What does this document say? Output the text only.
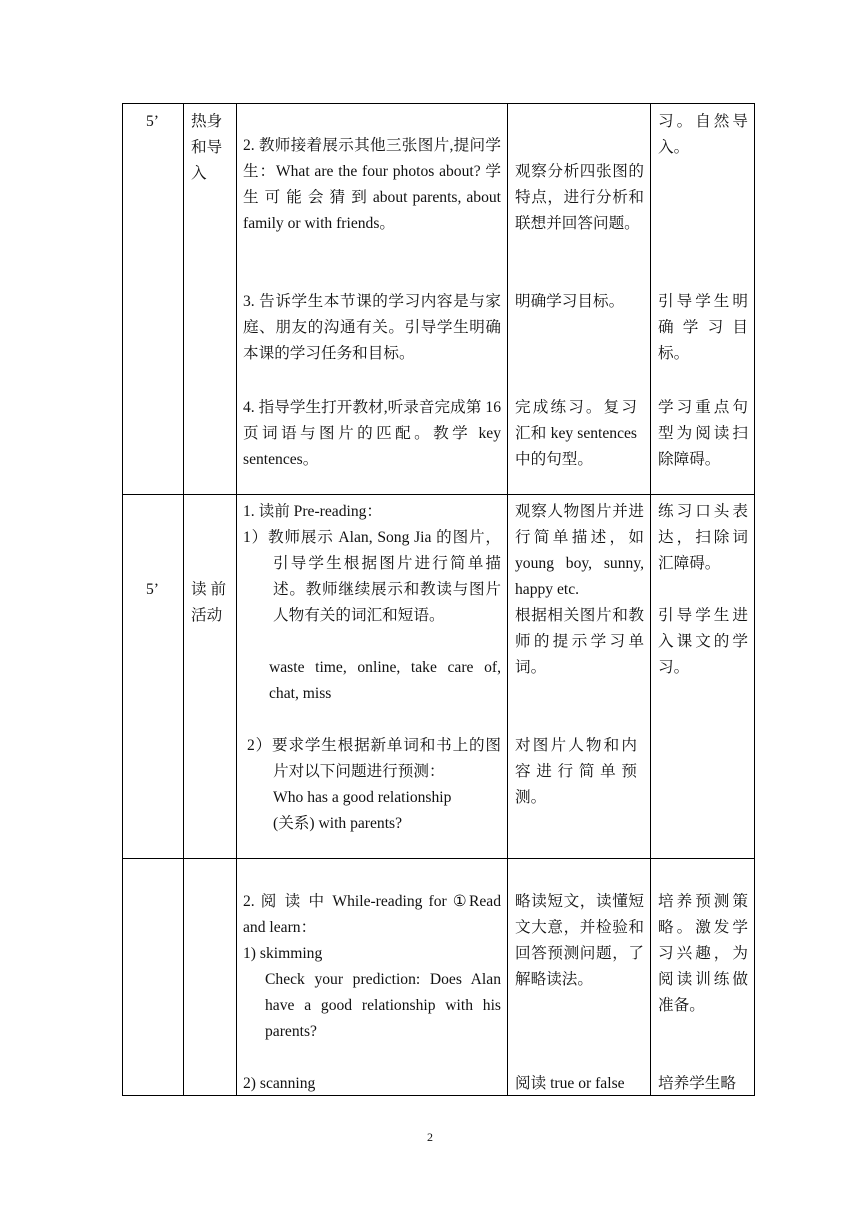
5’	热身
和导
入
2. 教师接着展示其他三张图片,提问学生：What are the four photos about? 学 生 可 能 会 猜 到 about parents, about family or with friends。
3. 告诉学生本节课的学习内容是与家庭、朋友的沟通有关。引导学生明确本课的学习任务和目标。
4. 指导学生打开教材,听录音完成第 16 页词语与图片的匹配。教学 key sentences。
观察分析四张图的特点，进行分析和联想并回答问题。
明确学习目标。
完成练习。复习汇和 key sentences 中的句型。
习。自然导入。
引导学生明确 学 习 目标。
学习重点句型为阅读扫除障碍。
5’	读 前
活动
1. 读前 Pre-reading：
1）教师展示 Alan, Song Jia 的图片，引导学生根据图片进行简单描述。教师继续展示和教读与图片人物有关的词汇和短语。
waste time, online, take care of, chat, miss
2）要求学生根据新单词和书上的图片对以下问题进行预测：
Who has a good relationship
(关系) with parents?
观察人物图片并进行简单描述，如 young boy, sunny, happy etc.
根据相关图片和教师的提示学习单词。
对图片人物和内容进行简单预测。
练习口头表达，扫除词汇障碍。
引导学生进入课文的学习。
2. 阅 读 中 While-reading for ①Read and learn：
1) skimming
Check your prediction: Does Alan have a good relationship with his parents?
2) scanning
略读短文，读懂短文大意，并检验和回答预测问题，了解略读法。
阅读 true or false
培养预测策略。激发学习兴趣，为阅读训练做准备。
培养学生略
2
